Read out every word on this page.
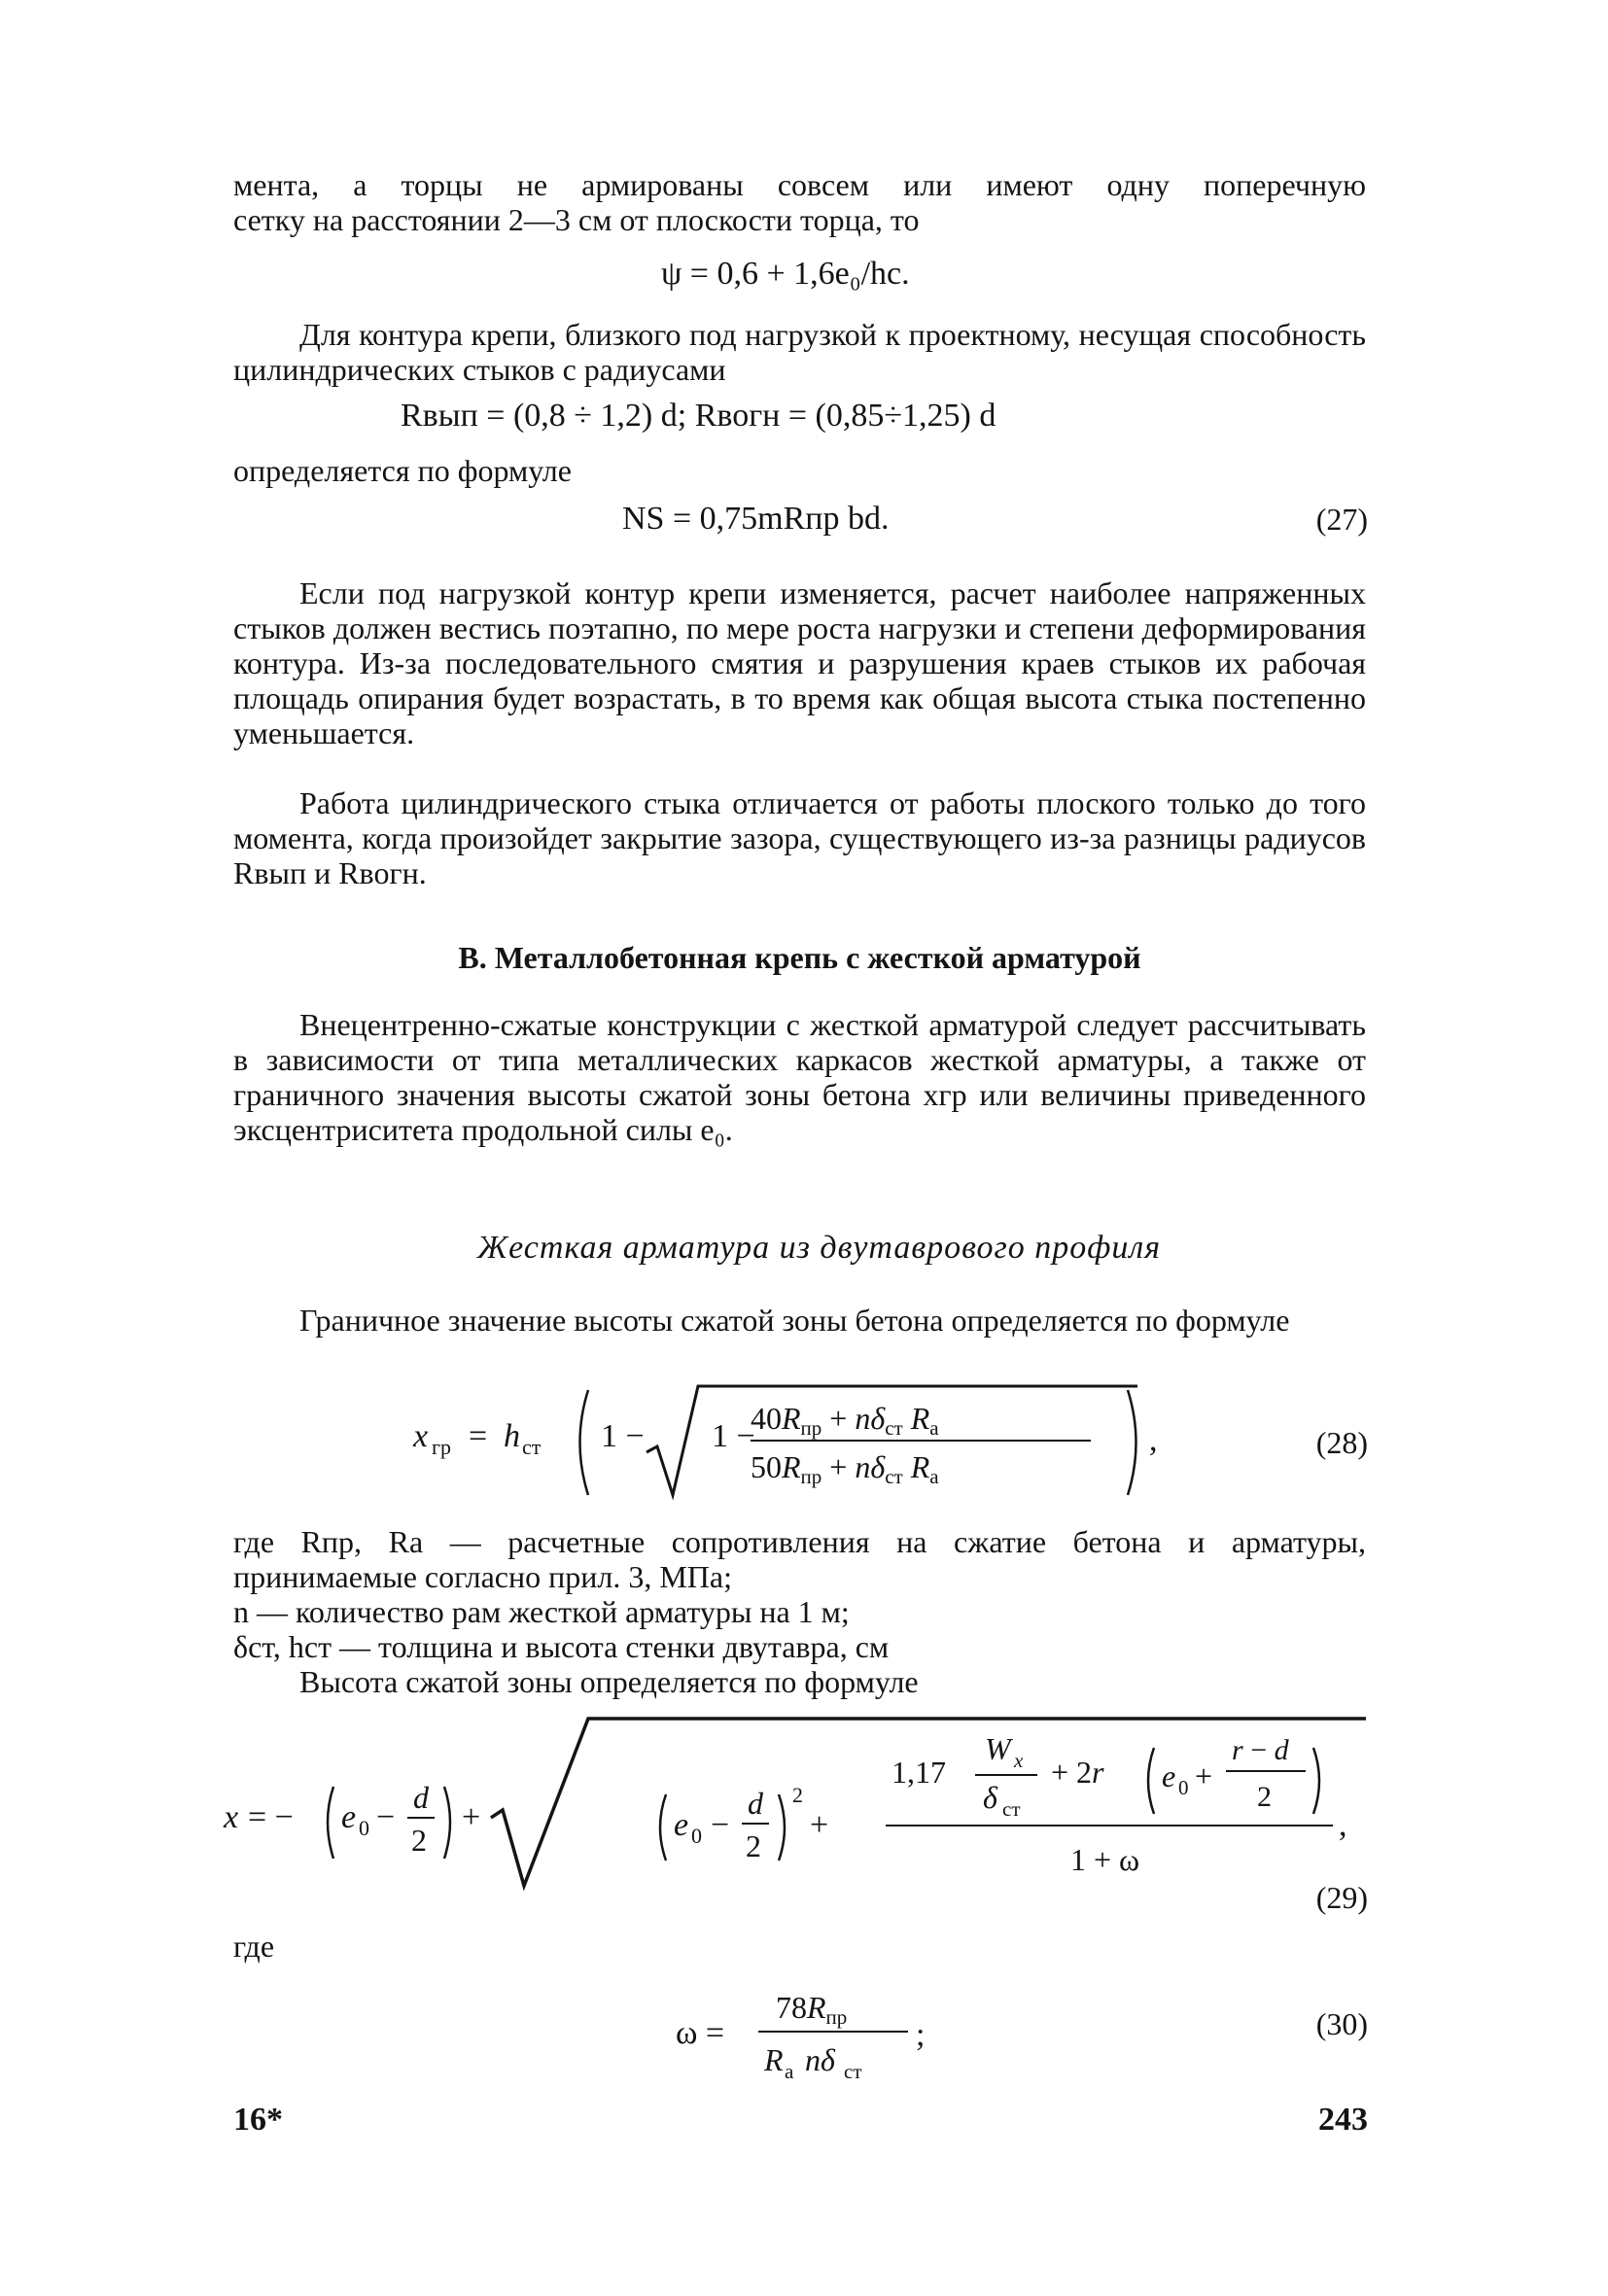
мента, а торцы не армированы совсем или имеют одну поперечную

сетку на расстоянии 2—3 см от плоскости торца, то

ψ = 0,6 + 1,6e₀/hc.

Для контура крепи, близкого под нагрузкой к проектному, несущая способность цилиндрических стыков с радиусами

Rвып = (0,8 ÷ 1,2) d; Rвогн = (0,85÷1,25) d

определяется по формуле

NS = 0,75mRпр bd.	(27)

Если под нагрузкой контур крепи изменяется, расчет наиболее напряженных стыков должен вестись поэтапно, по мере роста нагрузки и степени деформирования контура. Из-за последовательного смятия и разрушения краев стыков их рабочая площадь опирания будет возрастать, в то время как общая высота стыка постепенно уменьшается.

Работа цилиндрического стыка отличается от работы плоского только до того момента, когда произойдет закрытие зазора, существующего из-за разницы радиусов Rвып и Rвогн.

В. Металлобетонная крепь с жесткой арматурой

Внецентренно-сжатые конструкции с жесткой арматурой следует рассчитывать в зависимости от типа металлических каркасов жесткой арматуры, а также от граничного значения высоты сжатой зоны бетона xгр или величины приведенного эксцентриситета продольной силы e₀.

Жесткая арматура из двутаврового профиля

Граничное значение высоты сжатой зоны бетона определяется по формуле

x гр = h ст 1 − 1 −
40Rпр + nδст Rа
50Rпр + nδст Rа
,	(28)

где Rпр, Rа — расчетные сопротивления на сжатие бетона и арматуры, принимаемые согласно прил. 3, МПа;

n — количество рам жесткой арматуры на 1 м;

δст, hст — толщина и высота стенки двутавра, см

Высота сжатой зоны определяется по формуле

x = − e 0 −
d
2
+	e 0 −
d
2
2
+
1,17
W x
δ ст
+ 2r e 0 +
r − d
2
1 + ω
,
(29)

где

ω =
78Rпр
R а nδ ст
;	(30)
16*	243
